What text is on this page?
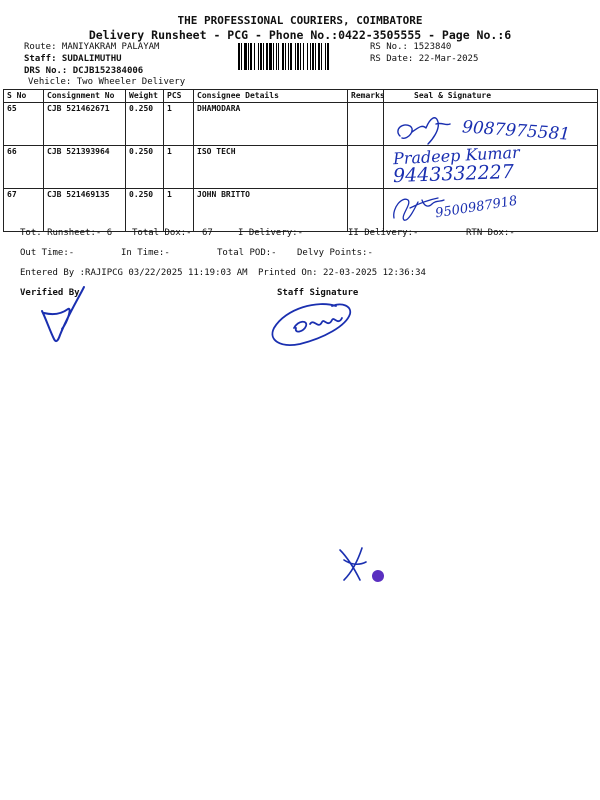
THE PROFESSIONAL COURIERS, COIMBATORE
Delivery Runsheet - PCG - Phone No.:0422-3505555 - Page No.:6
Route: MANIYAKRAM PALAYAM
Staff: SUDALIMUTHU
DRS No.: DCJB152384006
Vehicle: Two Wheeler Delivery
RS No.: 1523840
RS Date: 22-Mar-2025
S No	Consignment No	Weight	PCS	Consignee Details	Remarks	Seal & Signature
65	CJB 521462671	0.250	1	DHAMODARA		
66	CJB 521393964	0.250	1	ISO TECH		
67	CJB 521469135	0.250	1	JOHN BRITTO		
9087975581
Pradeep Kumar
9443332227
9500987918
Tot. Runsheet:- 6 Total Dox:- 67	I Delivery:-	II Delivery:-	RTN Dox:-
Out Time:-	In Time:-	Total POD:- Delvy Points:-
Entered By :RAJIPCG 03/22/2025 11:19:03 AM Printed On: 22-03-2025 12:36:34
Verified By	Staff Signature
